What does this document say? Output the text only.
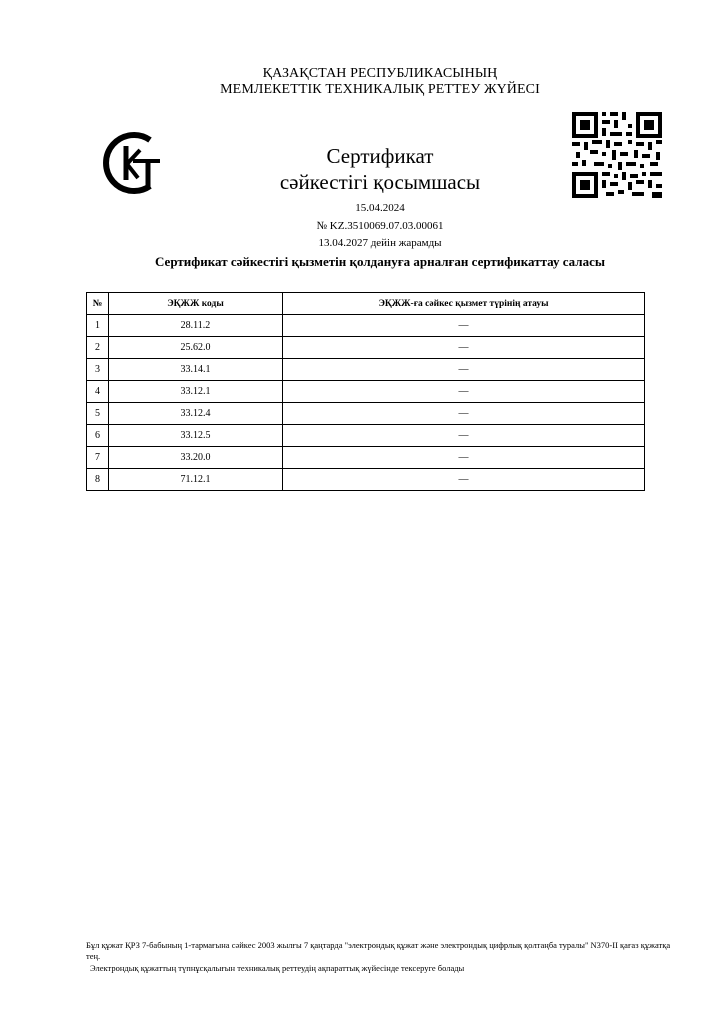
ҚАЗАҚСТАН РЕСПУБЛИКАСЫНЫҢ
МЕМЛЕКЕТТІК ТЕХНИКАЛЫҚ РЕТТЕУ ЖҮЙЕСІ
Сертификат
сәйкестігі қосымшасы
15.04.2024
№ KZ.3510069.07.03.00061
13.04.2027 дейін жарамды
Сертификат сәйкестігі қызметін қолдануға арналған сертификаттау саласы
№	ЭҚЖЖ коды	ЭҚЖЖ-ға сәйкес қызмет түрінің атауы
1	28.11.2	—
2	25.62.0	—
3	33.14.1	—
4	33.12.1	—
5	33.12.4	—
6	33.12.5	—
7	33.20.0	—
8	71.12.1	—
Бұл құжат ҚРЗ 7-бабының 1-тармағына сәйкес 2003 жылғы 7 қаңтарда "электрондық құжат және электрондық цифрлық қолтаңба туралы" N370-II қағаз құжатқа тең.
Электрондық құжаттың түпнұсқалығын техникалық реттеудің ақпараттық жүйесінде тексеруге болады
